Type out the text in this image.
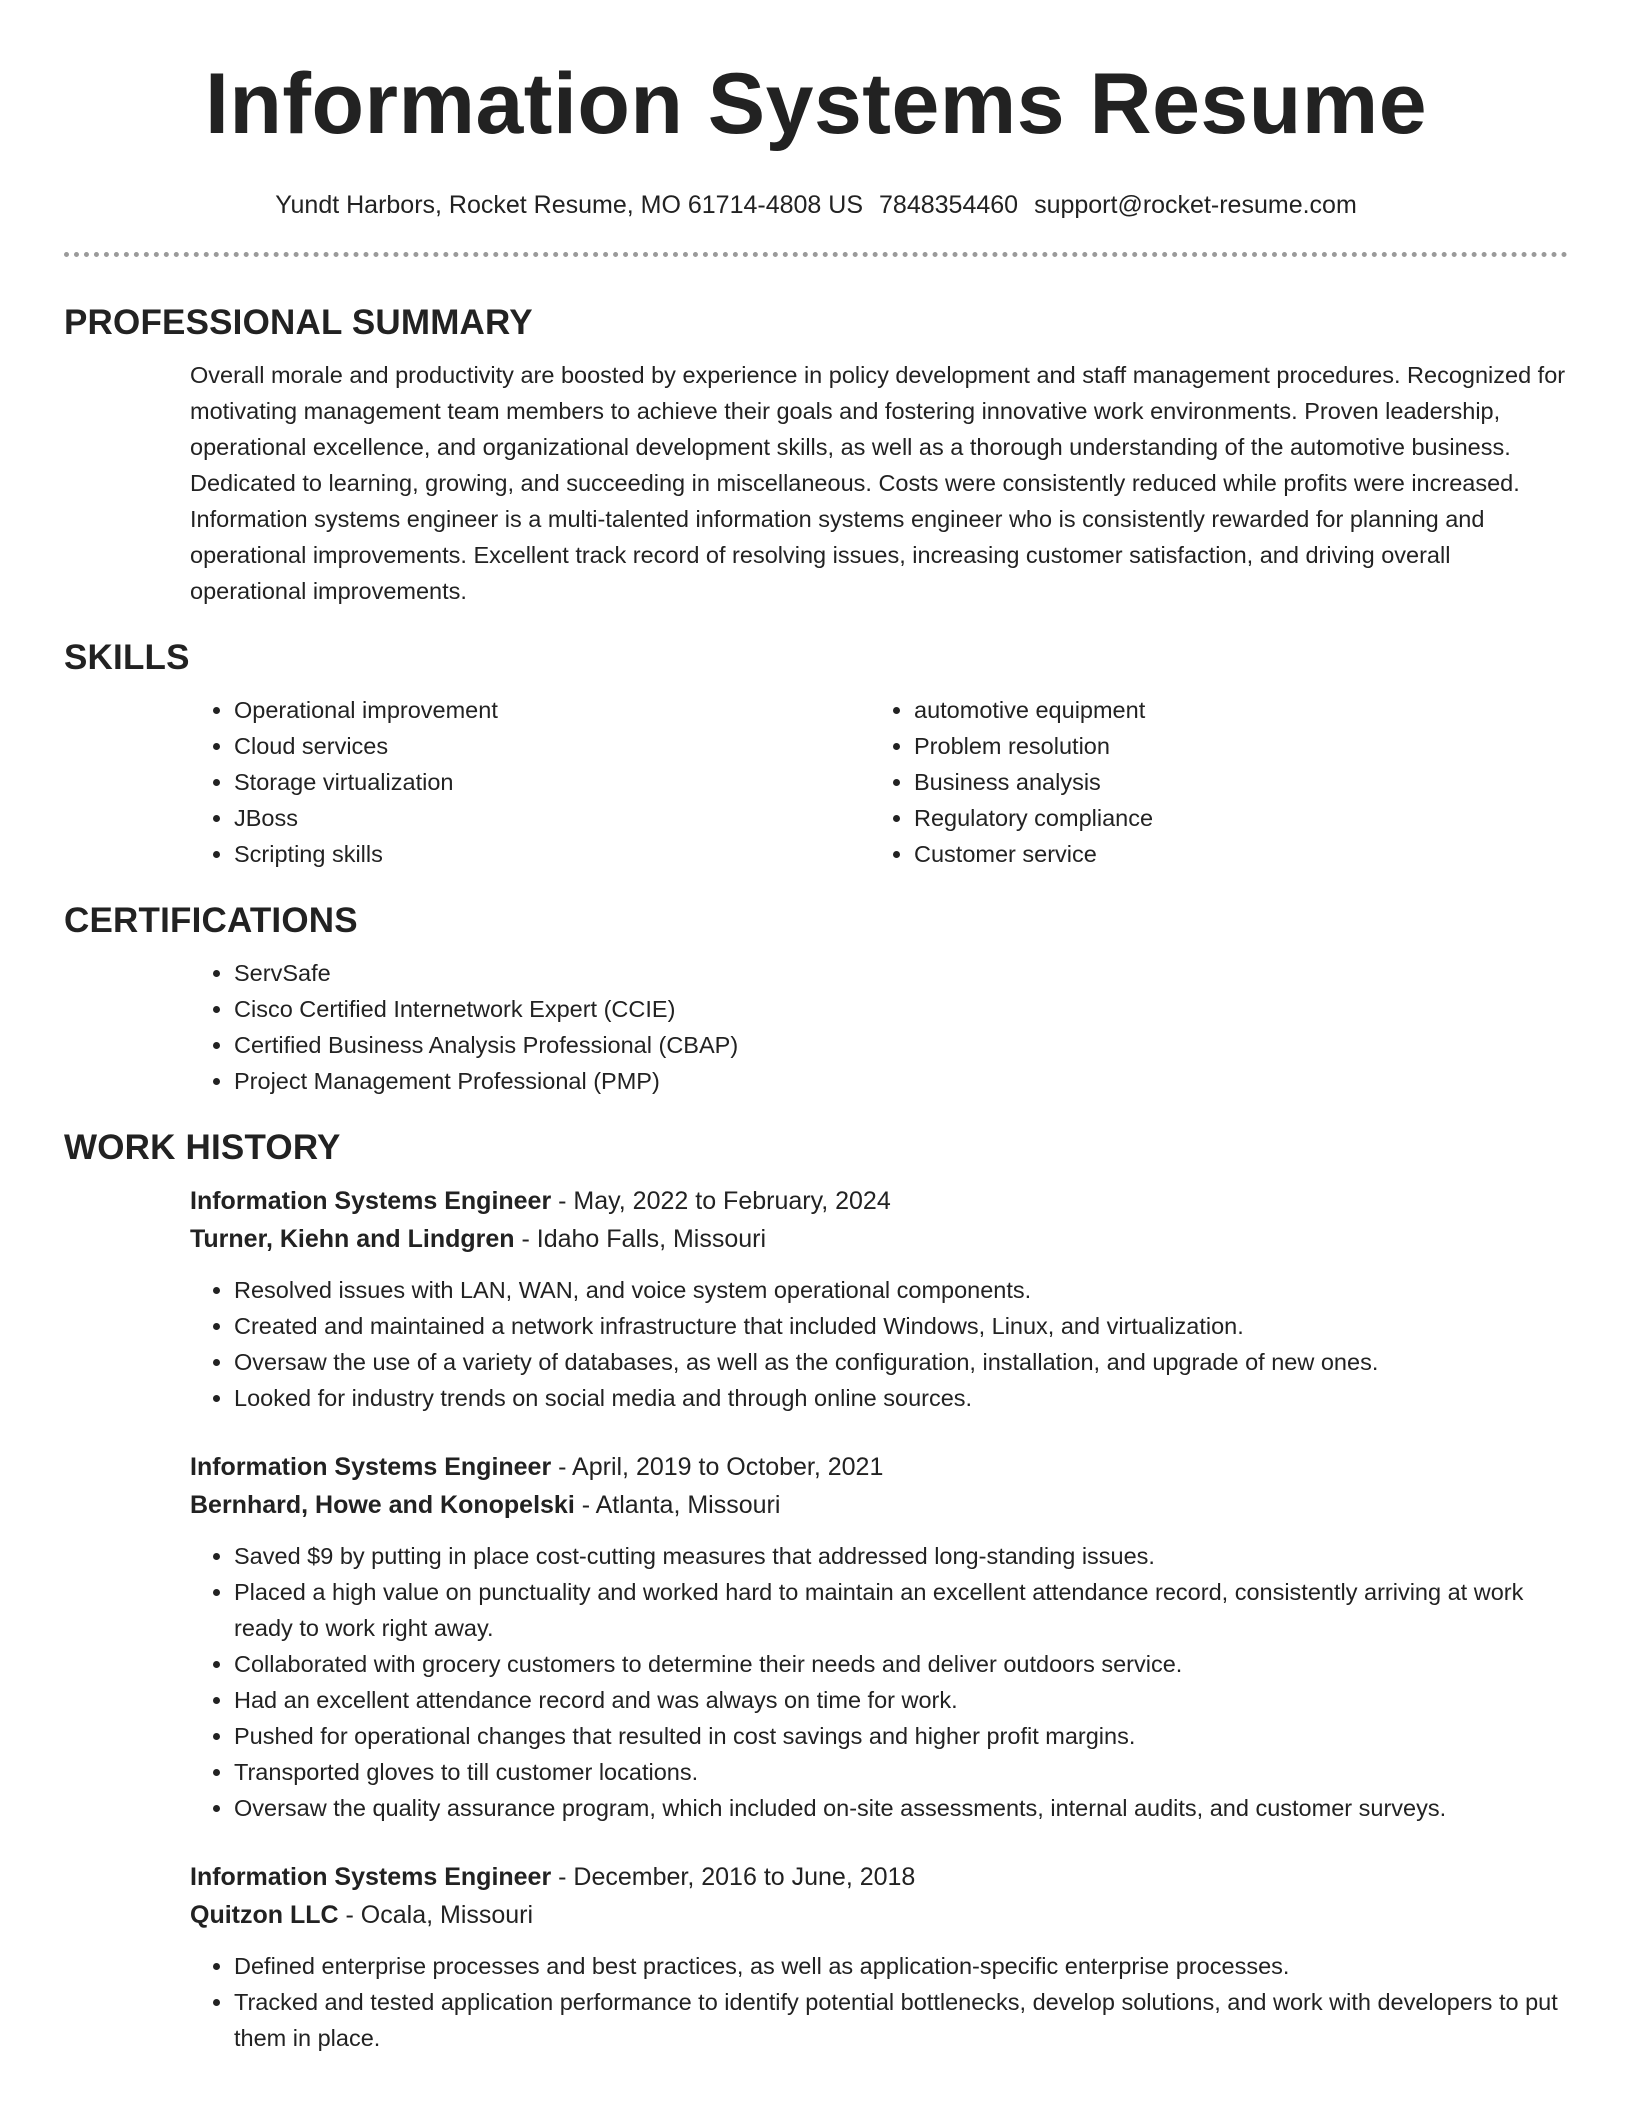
Information Systems Resume
Yundt Harbors, Rocket Resume, MO 61714-4808 US 7848354460 support@rocket-resume.com
PROFESSIONAL SUMMARY

Overall morale and productivity are boosted by experience in policy development and staff management procedures. Recognized for motivating management team members to achieve their goals and fostering innovative work environments. Proven leadership, operational excellence, and organizational development skills, as well as a thorough understanding of the automotive business. Dedicated to learning, growing, and succeeding in miscellaneous. Costs were consistently reduced while profits were increased. Information systems engineer is a multi-talented information systems engineer who is consistently rewarded for planning and operational improvements. Excellent track record of resolving issues, increasing customer satisfaction, and driving overall operational improvements.

SKILLS
• Operational improvement
• Cloud services
• Storage virtualization
• JBoss
• Scripting skills
• automotive equipment
• Problem resolution
• Business analysis
• Regulatory compliance
• Customer service
CERTIFICATIONS
• ServSafe
• Cisco Certified Internetwork Expert (CCIE)
• Certified Business Analysis Professional (CBAP)
• Project Management Professional (PMP)
WORK HISTORY
Information Systems Engineer - May, 2022 to February, 2024
Turner, Kiehn and Lindgren - Idaho Falls, Missouri
• Resolved issues with LAN, WAN, and voice system operational components.
• Created and maintained a network infrastructure that included Windows, Linux, and virtualization.
• Oversaw the use of a variety of databases, as well as the configuration, installation, and upgrade of new ones.
• Looked for industry trends on social media and through online sources.
Information Systems Engineer - April, 2019 to October, 2021
Bernhard, Howe and Konopelski - Atlanta, Missouri
• Saved $9 by putting in place cost-cutting measures that addressed long-standing issues.
• Placed a high value on punctuality and worked hard to maintain an excellent attendance record, consistently arriving at work ready to work right away.
• Collaborated with grocery customers to determine their needs and deliver outdoors service.
• Had an excellent attendance record and was always on time for work.
• Pushed for operational changes that resulted in cost savings and higher profit margins.
• Transported gloves to till customer locations.
• Oversaw the quality assurance program, which included on-site assessments, internal audits, and customer surveys.
Information Systems Engineer - December, 2016 to June, 2018
Quitzon LLC - Ocala, Missouri
• Defined enterprise processes and best practices, as well as application-specific enterprise processes.
• Tracked and tested application performance to identify potential bottlenecks, develop solutions, and work with developers to put them in place.
